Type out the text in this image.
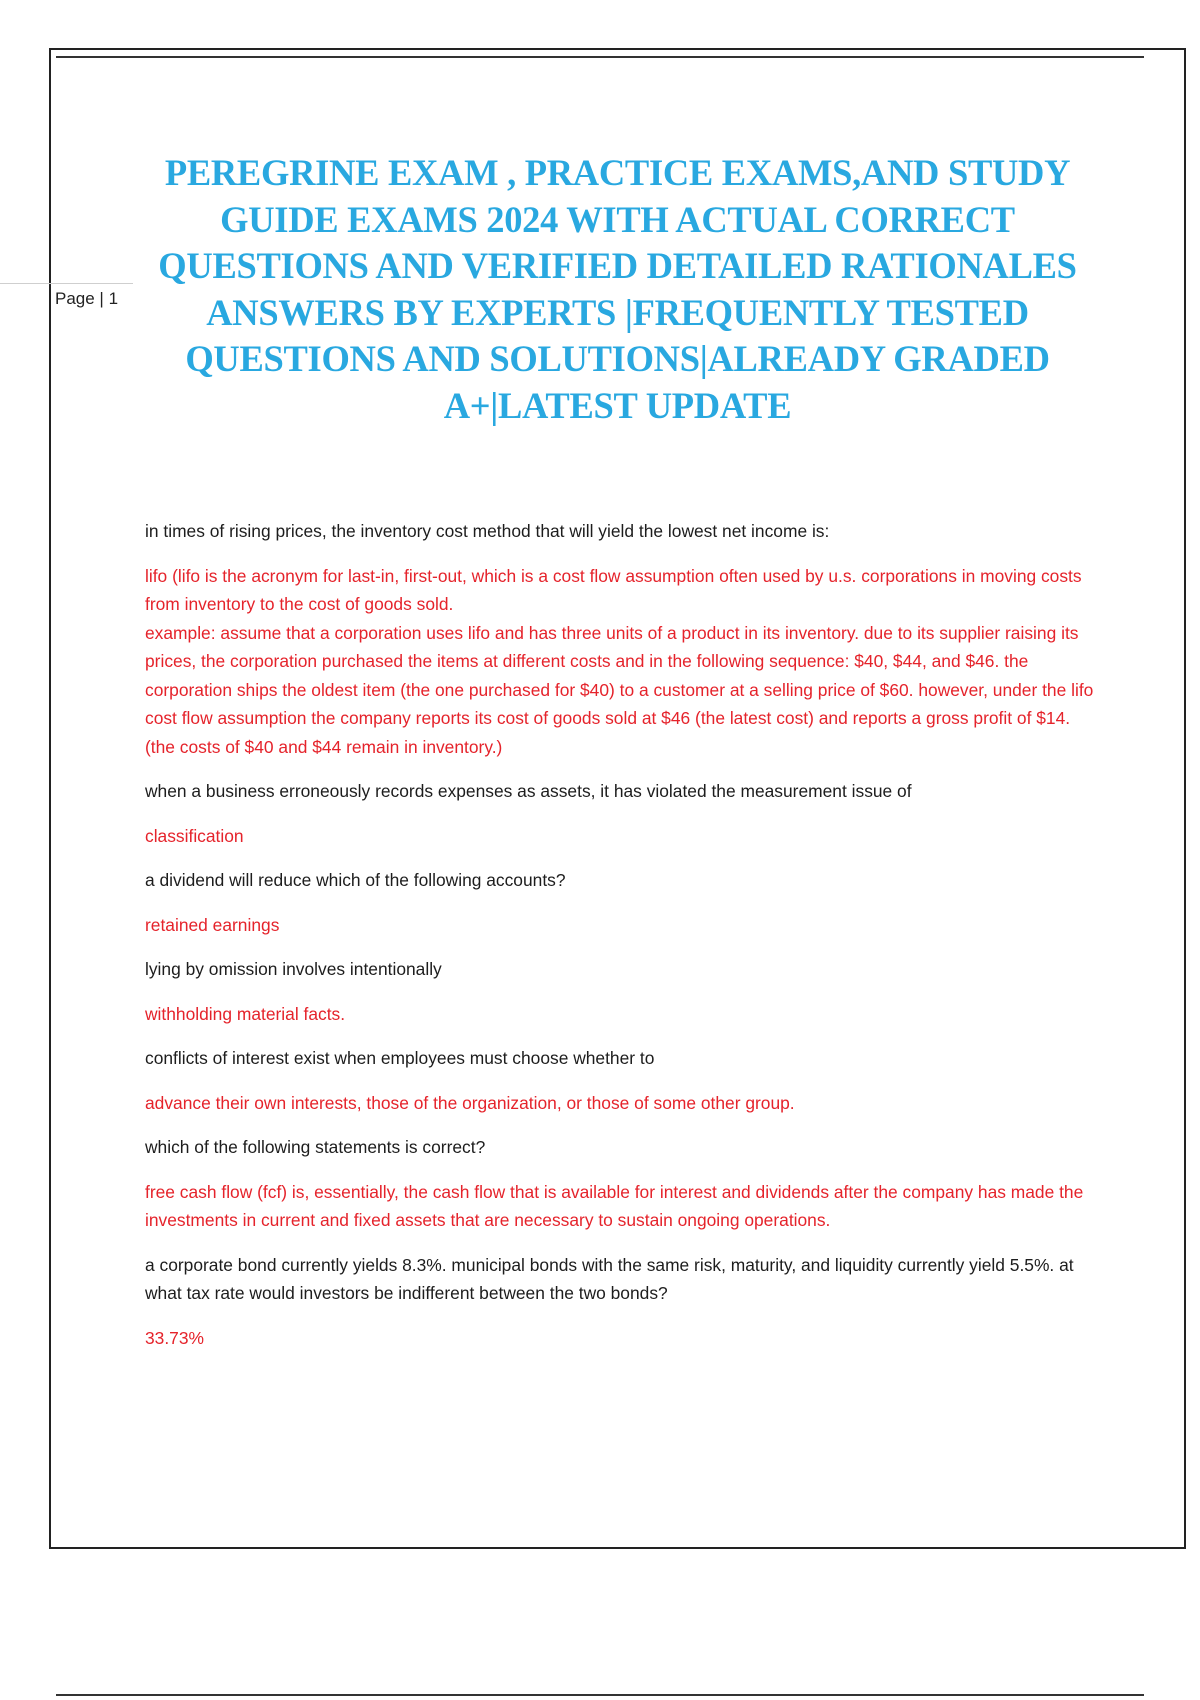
Page | 1
PEREGRINE EXAM , PRACTICE EXAMS,AND STUDY GUIDE EXAMS 2024 WITH ACTUAL CORRECT QUESTIONS AND VERIFIED DETAILED RATIONALES ANSWERS BY EXPERTS |FREQUENTLY TESTED QUESTIONS AND SOLUTIONS|ALREADY GRADED A+|LATEST UPDATE

in times of rising prices, the inventory cost method that will yield the lowest net income is:

lifo (lifo is the acronym for last-in, first-out, which is a cost flow assumption often used by u.s. corporations in moving costs from inventory to the cost of goods sold.
example: assume that a corporation uses lifo and has three units of a product in its inventory. due to its supplier raising its prices, the corporation purchased the items at different costs and in the following sequence: $40, $44, and $46. the corporation ships the oldest item (the one purchased for $40) to a customer at a selling price of $60. however, under the lifo cost flow assumption the company reports its cost of goods sold at $46 (the latest cost) and reports a gross profit of $14. (the costs of $40 and $44 remain in inventory.)

when a business erroneously records expenses as assets, it has violated the measurement issue of

classification

a dividend will reduce which of the following accounts?

retained earnings

lying by omission involves intentionally

withholding material facts.

conflicts of interest exist when employees must choose whether to

advance their own interests, those of the organization, or those of some other group.

which of the following statements is correct?

free cash flow (fcf) is, essentially, the cash flow that is available for interest and dividends after the company has made the investments in current and fixed assets that are necessary to sustain ongoing operations.

a corporate bond currently yields 8.3%. municipal bonds with the same risk, maturity, and liquidity currently yield 5.5%. at what tax rate would investors be indifferent between the two bonds?

33.73%
